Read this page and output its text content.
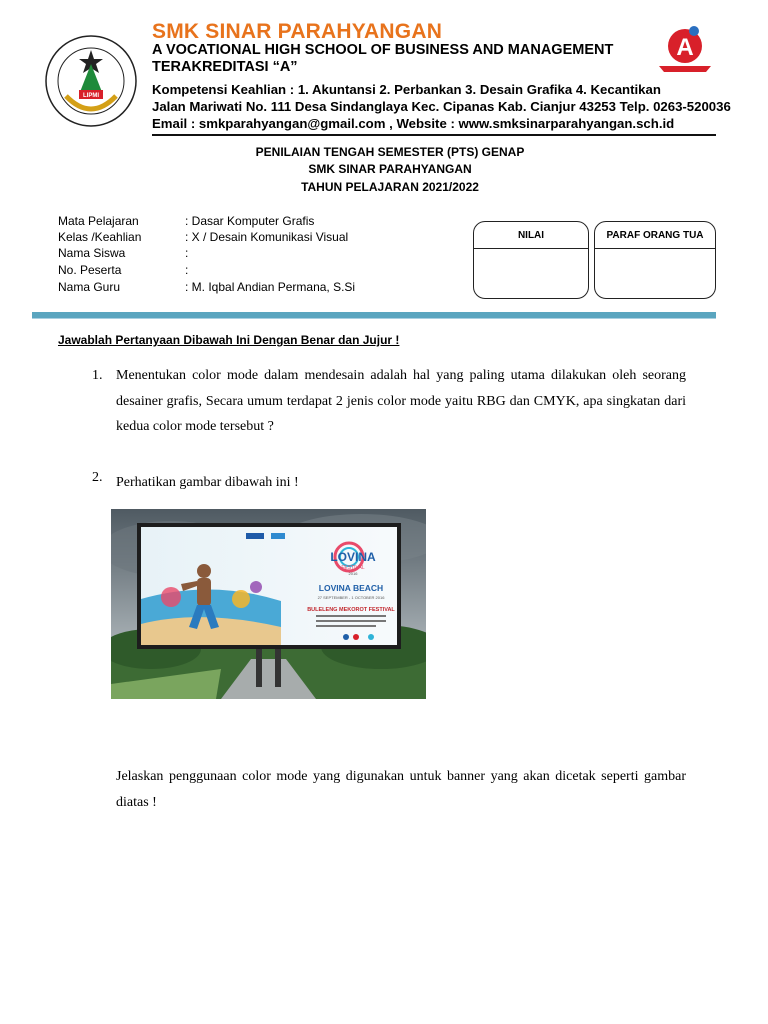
LIPMI
SMK SINAR PARAHYANGAN
A VOCATIONAL HIGH SCHOOL OF BUSINESS AND MANAGEMENT
TERAKREDITASI “A”
Kompetensi Keahlian : 1. Akuntansi 2. Perbankan 3. Desain Grafika 4. Kecantikan
Jalan Mariwati No. 111 Desa Sindanglaya Kec. Cipanas Kab. Cianjur 43253 Telp. 0263-520036
Email : smkparahyangan@gmail.com , Website : www.smksinarparahyangan.sch.id
A
PENILAIAN TENGAH SEMESTER (PTS) GENAP
SMK SINAR PARAHYANGAN
TAHUN PELAJARAN 2021/2022
Mata Pelajaran	: Dasar Komputer Grafis
Kelas /Keahlian	: X / Desain Komunikasi Visual
Nama Siswa	:
No. Peserta	:
Nama Guru	: M. Iqbal Andian Permana, S.Si
NILAI	PARAF ORANG TUA
Jawablah Pertanyaan Dibawah Ini Dengan Benar dan Jujur !
1. Menentukan color mode dalam mendesain adalah hal yang paling utama dilakukan oleh seorang desainer grafis, Secara umum terdapat 2 jenis color mode yaitu RBG dan CMYK, apa singkatan dari kedua color mode tersebut ?
2. Perhatikan gambar dibawah ini !
LOVINA
FESTIVAL
2016
LOVINA BEACH
27 SEPTEMBER - 1 OCTOBER 2016
BULELENG MEKOROT FESTIVAL
Jelaskan penggunaan color mode yang digunakan untuk banner yang akan dicetak seperti gambar diatas !
